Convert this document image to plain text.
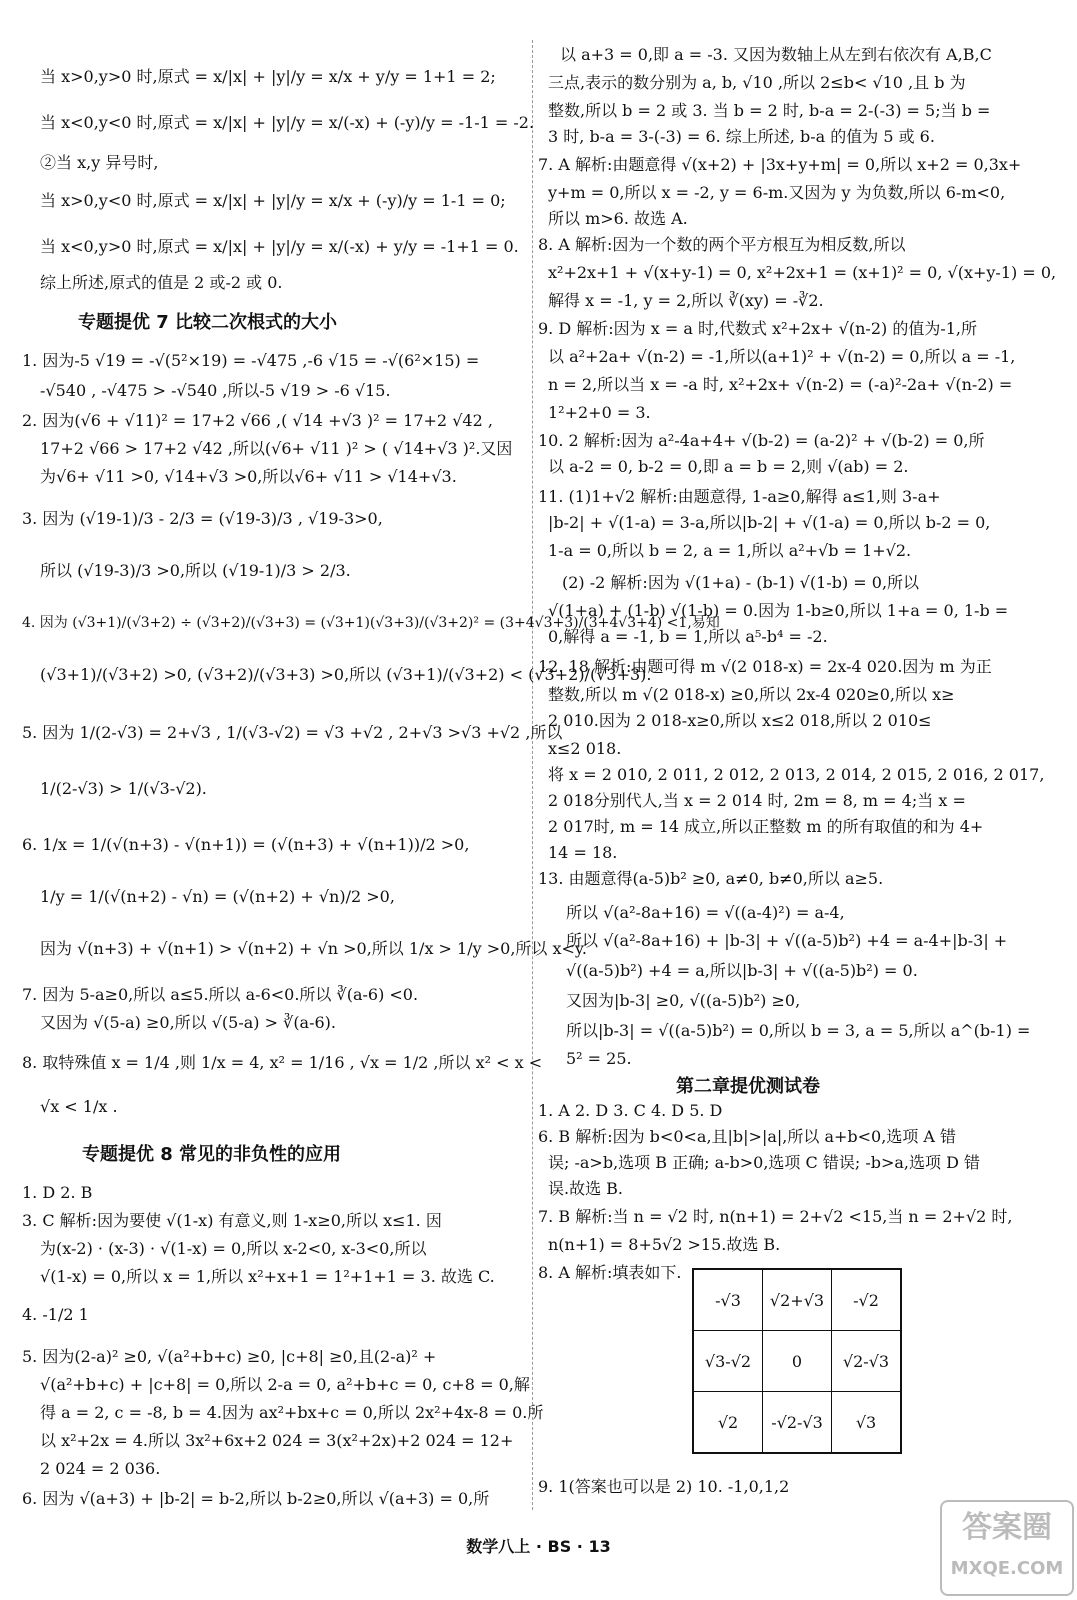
当 x>0,y>0 时,原式 = x/|x| + |y|/y = x/x + y/y = 1+1 = 2;
当 x<0,y<0 时,原式 = x/|x| + |y|/y = x/(-x) + (-y)/y = -1-1 = -2.
②当 x,y 异号时,
当 x>0,y<0 时,原式 = x/|x| + |y|/y = x/x + (-y)/y = 1-1 = 0;
当 x<0,y>0 时,原式 = x/|x| + |y|/y = x/(-x) + y/y = -1+1 = 0.
综上所述,原式的值是 2 或-2 或 0.
专题提优 7 比较二次根式的大小
1. 因为-5 √19 = -√(5²×19) = -√475 ,-6 √15 = -√(6²×15) =
-√540 , -√475 > -√540 ,所以-5 √19 > -6 √15.
2. 因为(√6 + √11)² = 17+2 √66 ,( √14 +√3 )² = 17+2 √42 ,
17+2 √66 > 17+2 √42 ,所以(√6+ √11 )² > ( √14+√3 )².又因
为√6+ √11 >0, √14+√3 >0,所以√6+ √11 > √14+√3.
3. 因为 (√19-1)/3 - 2/3 = (√19-3)/3 , √19-3>0,
所以 (√19-3)/3 >0,所以 (√19-1)/3 > 2/3.
4. 因为 (√3+1)/(√3+2) ÷ (√3+2)/(√3+3) = (√3+1)(√3+3)/(√3+2)² = (3+4√3+3)/(3+4√3+4) <1,易知
(√3+1)/(√3+2) >0, (√3+2)/(√3+3) >0,所以 (√3+1)/(√3+2) < (√3+2)/(√3+3).
5. 因为 1/(2-√3) = 2+√3 , 1/(√3-√2) = √3 +√2 , 2+√3 >√3 +√2 ,所以
1/(2-√3) > 1/(√3-√2).
6. 1/x = 1/(√(n+3) - √(n+1)) = (√(n+3) + √(n+1))/2 >0,
1/y = 1/(√(n+2) - √n) = (√(n+2) + √n)/2 >0,
因为 √(n+3) + √(n+1) > √(n+2) + √n >0,所以 1/x > 1/y >0,所以 x<y.
7. 因为 5-a≥0,所以 a≤5.所以 a-6<0.所以 ∛(a-6) <0.
又因为 √(5-a) ≥0,所以 √(5-a) > ∛(a-6).
8. 取特殊值 x = 1/4 ,则 1/x = 4, x² = 1/16 , √x = 1/2 ,所以 x² < x <
√x < 1/x .
专题提优 8 常见的非负性的应用
1. D 2. B
3. C 解析:因为要使 √(1-x) 有意义,则 1-x≥0,所以 x≤1. 因
为(x-2) · (x-3) · √(1-x) = 0,所以 x-2<0, x-3<0,所以
√(1-x) = 0,所以 x = 1,所以 x²+x+1 = 1²+1+1 = 3. 故选 C.
4. -1/2 1
5. 因为(2-a)² ≥0, √(a²+b+c) ≥0, |c+8| ≥0,且(2-a)² +
√(a²+b+c) + |c+8| = 0,所以 2-a = 0, a²+b+c = 0, c+8 = 0,解
得 a = 2, c = -8, b = 4.因为 ax²+bx+c = 0,所以 2x²+4x-8 = 0.所
以 x²+2x = 4.所以 3x²+6x+2 024 = 3(x²+2x)+2 024 = 12+
2 024 = 2 036.
6. 因为 √(a+3) + |b-2| = b-2,所以 b-2≥0,所以 √(a+3) = 0,所
以 a+3 = 0,即 a = -3. 又因为数轴上从左到右依次有 A,B,C
三点,表示的数分别为 a, b, √10 ,所以 2≤b< √10 ,且 b 为
整数,所以 b = 2 或 3. 当 b = 2 时, b-a = 2-(-3) = 5;当 b =
3 时, b-a = 3-(-3) = 6. 综上所述, b-a 的值为 5 或 6.
7. A 解析:由题意得 √(x+2) + |3x+y+m| = 0,所以 x+2 = 0,3x+
y+m = 0,所以 x = -2, y = 6-m.又因为 y 为负数,所以 6-m<0,
所以 m>6. 故选 A.
8. A 解析:因为一个数的两个平方根互为相反数,所以
x²+2x+1 + √(x+y-1) = 0, x²+2x+1 = (x+1)² = 0, √(x+y-1) = 0,
解得 x = -1, y = 2,所以 ∛(xy) = -∛2.
9. D 解析:因为 x = a 时,代数式 x²+2x+ √(n-2) 的值为-1,所
以 a²+2a+ √(n-2) = -1,所以(a+1)² + √(n-2) = 0,所以 a = -1,
n = 2,所以当 x = -a 时, x²+2x+ √(n-2) = (-a)²-2a+ √(n-2) =
1²+2+0 = 3.
10. 2 解析:因为 a²-4a+4+ √(b-2) = (a-2)² + √(b-2) = 0,所
以 a-2 = 0, b-2 = 0,即 a = b = 2,则 √(ab) = 2.
11. (1)1+√2 解析:由题意得, 1-a≥0,解得 a≤1,则 3-a+
|b-2| + √(1-a) = 3-a,所以|b-2| + √(1-a) = 0,所以 b-2 = 0,
1-a = 0,所以 b = 2, a = 1,所以 a²+√b = 1+√2.
(2) -2 解析:因为 √(1+a) - (b-1) √(1-b) = 0,所以
√(1+a) + (1-b) √(1-b) = 0.因为 1-b≥0,所以 1+a = 0, 1-b =
0,解得 a = -1, b = 1,所以 a⁵-b⁴ = -2.
12. 18 解析:由题可得 m √(2 018-x) = 2x-4 020.因为 m 为正
整数,所以 m √(2 018-x) ≥0,所以 2x-4 020≥0,所以 x≥
2 010.因为 2 018-x≥0,所以 x≤2 018,所以 2 010≤
x≤2 018.
将 x = 2 010, 2 011, 2 012, 2 013, 2 014, 2 015, 2 016, 2 017,
2 018分别代人,当 x = 2 014 时, 2m = 8, m = 4;当 x =
2 017时, m = 14 成立,所以正整数 m 的所有取值的和为 4+
14 = 18.
13. 由题意得(a-5)b² ≥0, a≠0, b≠0,所以 a≥5.
所以 √(a²-8a+16) = √((a-4)²) = a-4,
所以 √(a²-8a+16) + |b-3| + √((a-5)b²) +4 = a-4+|b-3| +
√((a-5)b²) +4 = a,所以|b-3| + √((a-5)b²) = 0.
又因为|b-3| ≥0, √((a-5)b²) ≥0,
所以|b-3| = √((a-5)b²) = 0,所以 b = 3, a = 5,所以 a^(b-1) =
5² = 25.
第二章提优测试卷
1. A 2. D 3. C 4. D 5. D
6. B 解析:因为 b<0<a,且|b|>|a|,所以 a+b<0,选项 A 错
误; -a>b,选项 B 正确; a-b>0,选项 C 错误; -b>a,选项 D 错
误.故选 B.
7. B 解析:当 n = √2 时, n(n+1) = 2+√2 <15,当 n = 2+√2 时,
n(n+1) = 8+5√2 >15.故选 B.
8. A 解析:填表如下.
-√3	√2+√3	-√2
√3-√2	0	√2-√3
√2	-√2-√3	√3
9. 1(答案也可以是 2) 10. -1,0,1,2
数学八上 · BS · 13
答案圈
MXQE.COM
